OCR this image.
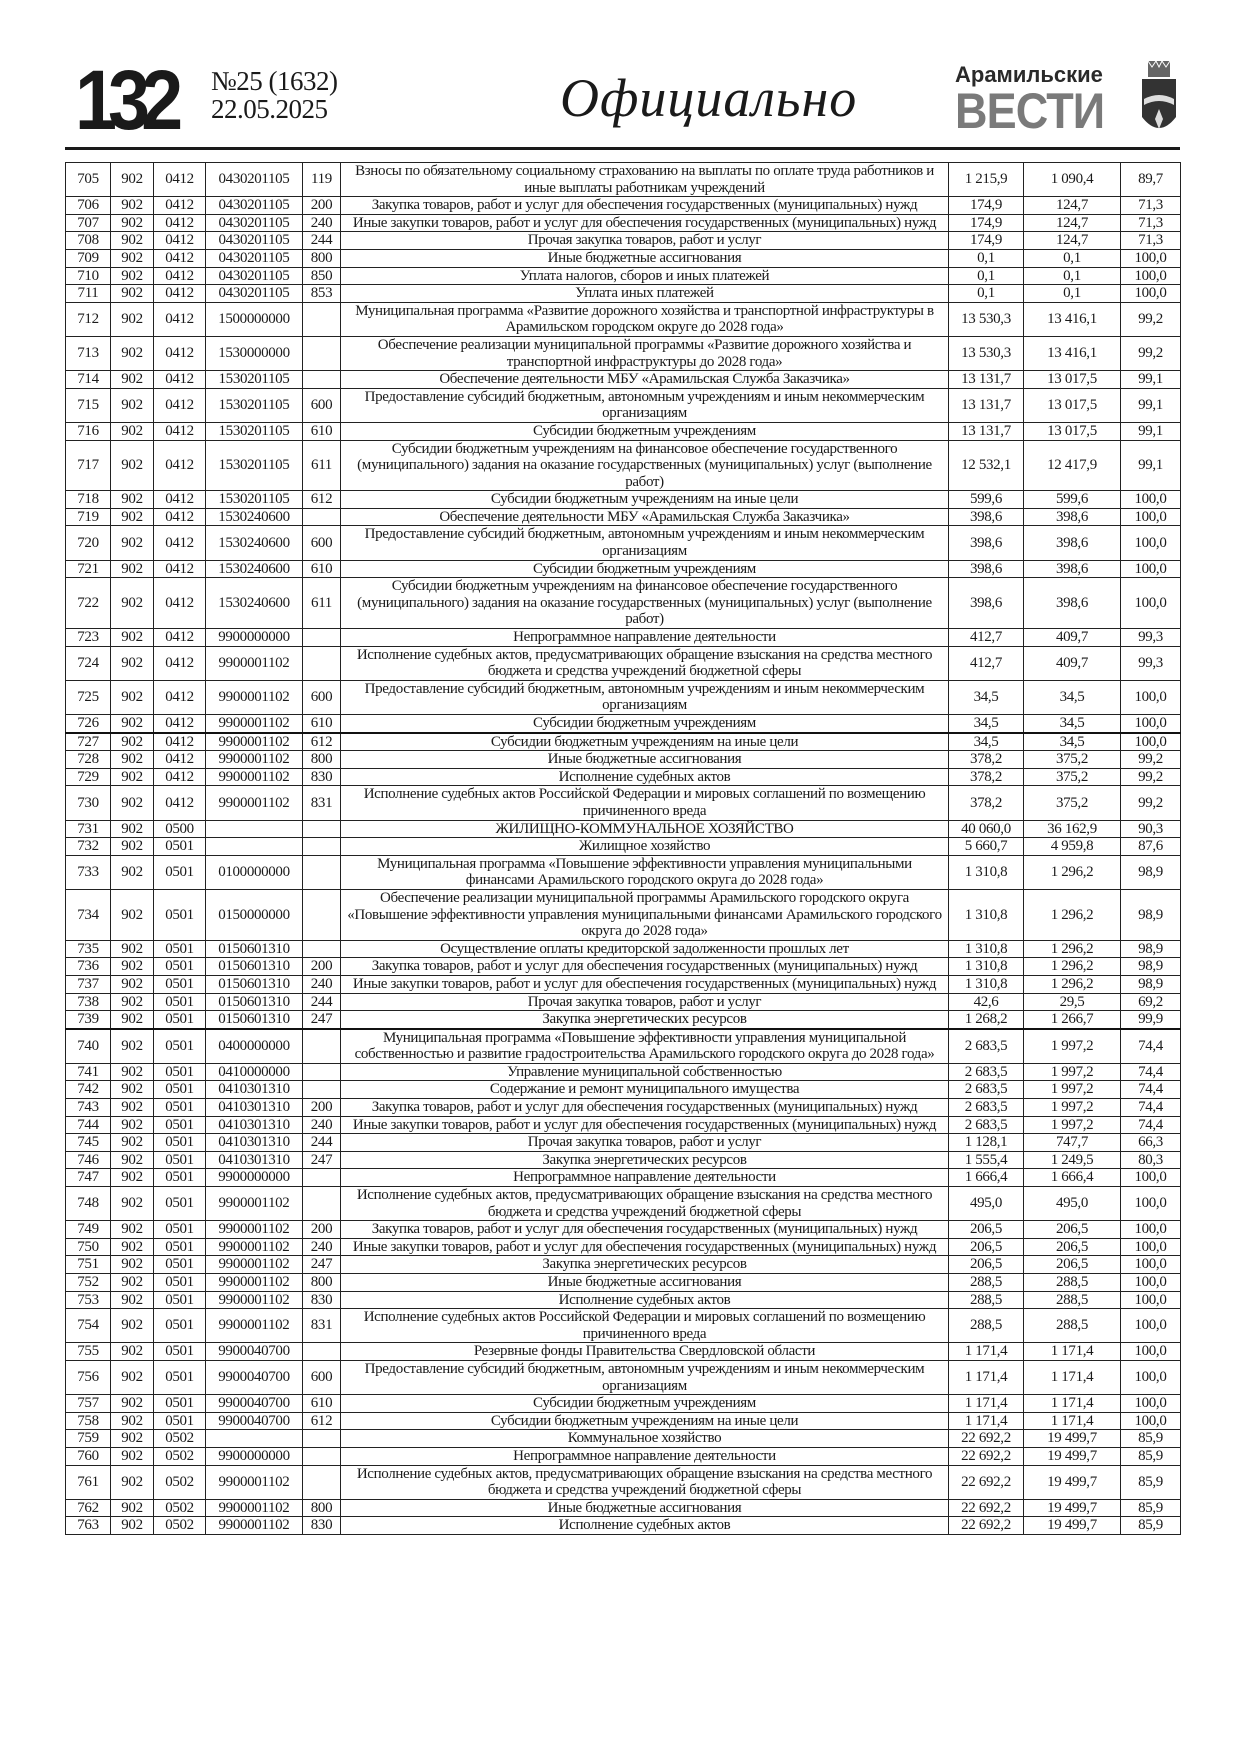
132 №25 (1632)
22.05.2025	Официально	Арамильские
ВЕСТИ
705	902	0412	0430201105	119	Взносы по обязательному социальному страхованию на выплаты по оплате труда работников и иные выплаты работникам учреждений	1 215,9	1 090,4	89,7
706	902	0412	0430201105	200	Закупка товаров, работ и услуг для обеспечения государственных (муниципальных) нужд	174,9	124,7	71,3
707	902	0412	0430201105	240	Иные закупки товаров, работ и услуг для обеспечения государственных (муниципальных) нужд	174,9	124,7	71,3
708	902	0412	0430201105	244	Прочая закупка товаров, работ и услуг	174,9	124,7	71,3
709	902	0412	0430201105	800	Иные бюджетные ассигнования	0,1	0,1	100,0
710	902	0412	0430201105	850	Уплата налогов, сборов и иных платежей	0,1	0,1	100,0
711	902	0412	0430201105	853	Уплата иных платежей	0,1	0,1	100,0
712	902	0412	1500000000		Муниципальная программа «Развитие дорожного хозяйства и транспортной инфраструктуры в Арамильском городском округе до 2028 года»	13 530,3	13 416,1	99,2
713	902	0412	1530000000		Обеспечение реализации муниципальной программы «Развитие дорожного хозяйства и транспортной инфраструктуры до 2028 года»	13 530,3	13 416,1	99,2
714	902	0412	1530201105		Обеспечение деятельности МБУ «Арамильская Служба Заказчика»	13 131,7	13 017,5	99,1
715	902	0412	1530201105	600	Предоставление субсидий бюджетным, автономным учреждениям и иным некоммерческим организациям	13 131,7	13 017,5	99,1
716	902	0412	1530201105	610	Субсидии бюджетным учреждениям	13 131,7	13 017,5	99,1
717	902	0412	1530201105	611	Субсидии бюджетным учреждениям на финансовое обеспечение государственного (муниципального) задания на оказание государственных (муниципальных) услуг (выполнение работ)	12 532,1	12 417,9	99,1
718	902	0412	1530201105	612	Субсидии бюджетным учреждениям на иные цели	599,6	599,6	100,0
719	902	0412	1530240600		Обеспечение деятельности МБУ «Арамильская Служба Заказчика»	398,6	398,6	100,0
720	902	0412	1530240600	600	Предоставление субсидий бюджетным, автономным учреждениям и иным некоммерческим организациям	398,6	398,6	100,0
721	902	0412	1530240600	610	Субсидии бюджетным учреждениям	398,6	398,6	100,0
722	902	0412	1530240600	611	Субсидии бюджетным учреждениям на финансовое обеспечение государственного (муниципального) задания на оказание государственных (муниципальных) услуг (выполнение работ)	398,6	398,6	100,0
723	902	0412	9900000000		Непрограммное направление деятельности	412,7	409,7	99,3
724	902	0412	9900001102		Исполнение судебных актов, предусматривающих обращение взыскания на средства местного бюджета и средства учреждений бюджетной сферы	412,7	409,7	99,3
725	902	0412	9900001102	600	Предоставление субсидий бюджетным, автономным учреждениям и иным некоммерческим организациям	34,5	34,5	100,0
726	902	0412	9900001102	610	Субсидии бюджетным учреждениям	34,5	34,5	100,0
727	902	0412	9900001102	612	Субсидии бюджетным учреждениям на иные цели	34,5	34,5	100,0
728	902	0412	9900001102	800	Иные бюджетные ассигнования	378,2	375,2	99,2
729	902	0412	9900001102	830	Исполнение судебных актов	378,2	375,2	99,2
730	902	0412	9900001102	831	Исполнение судебных актов Российской Федерации и мировых соглашений по возмещению причиненного вреда	378,2	375,2	99,2
731	902	0500			ЖИЛИЩНО-КОММУНАЛЬНОЕ ХОЗЯЙСТВО	40 060,0	36 162,9	90,3
732	902	0501			Жилищное хозяйство	5 660,7	4 959,8	87,6
733	902	0501	0100000000		Муниципальная программа «Повышение эффективности управления муниципальными финансами Арамильского городского округа до 2028 года»	1 310,8	1 296,2	98,9
734	902	0501	0150000000		Обеспечение реализации муниципальной программы Арамильского городского округа «Повышение эффективности управления муниципальными финансами Арамильского городского округа до 2028 года»	1 310,8	1 296,2	98,9
735	902	0501	0150601310		Осуществление оплаты кредиторской задолженности прошлых лет	1 310,8	1 296,2	98,9
736	902	0501	0150601310	200	Закупка товаров, работ и услуг для обеспечения государственных (муниципальных) нужд	1 310,8	1 296,2	98,9
737	902	0501	0150601310	240	Иные закупки товаров, работ и услуг для обеспечения государственных (муниципальных) нужд	1 310,8	1 296,2	98,9
738	902	0501	0150601310	244	Прочая закупка товаров, работ и услуг	42,6	29,5	69,2
739	902	0501	0150601310	247	Закупка энергетических ресурсов	1 268,2	1 266,7	99,9
740	902	0501	0400000000		Муниципальная программа «Повышение эффективности управления муниципальной собственностью и развитие градостроительства Арамильского городского округа до 2028 года»	2 683,5	1 997,2	74,4
741	902	0501	0410000000		Управление муниципальной собственностью	2 683,5	1 997,2	74,4
742	902	0501	0410301310		Содержание и ремонт муниципального имущества	2 683,5	1 997,2	74,4
743	902	0501	0410301310	200	Закупка товаров, работ и услуг для обеспечения государственных (муниципальных) нужд	2 683,5	1 997,2	74,4
744	902	0501	0410301310	240	Иные закупки товаров, работ и услуг для обеспечения государственных (муниципальных) нужд	2 683,5	1 997,2	74,4
745	902	0501	0410301310	244	Прочая закупка товаров, работ и услуг	1 128,1	747,7	66,3
746	902	0501	0410301310	247	Закупка энергетических ресурсов	1 555,4	1 249,5	80,3
747	902	0501	9900000000		Непрограммное направление деятельности	1 666,4	1 666,4	100,0
748	902	0501	9900001102		Исполнение судебных актов, предусматривающих обращение взыскания на средства местного бюджета и средства учреждений бюджетной сферы	495,0	495,0	100,0
749	902	0501	9900001102	200	Закупка товаров, работ и услуг для обеспечения государственных (муниципальных) нужд	206,5	206,5	100,0
750	902	0501	9900001102	240	Иные закупки товаров, работ и услуг для обеспечения государственных (муниципальных) нужд	206,5	206,5	100,0
751	902	0501	9900001102	247	Закупка энергетических ресурсов	206,5	206,5	100,0
752	902	0501	9900001102	800	Иные бюджетные ассигнования	288,5	288,5	100,0
753	902	0501	9900001102	830	Исполнение судебных актов	288,5	288,5	100,0
754	902	0501	9900001102	831	Исполнение судебных актов Российской Федерации и мировых соглашений по возмещению причиненного вреда	288,5	288,5	100,0
755	902	0501	9900040700		Резервные фонды Правительства Свердловской области	1 171,4	1 171,4	100,0
756	902	0501	9900040700	600	Предоставление субсидий бюджетным, автономным учреждениям и иным некоммерческим организациям	1 171,4	1 171,4	100,0
757	902	0501	9900040700	610	Субсидии бюджетным учреждениям	1 171,4	1 171,4	100,0
758	902	0501	9900040700	612	Субсидии бюджетным учреждениям на иные цели	1 171,4	1 171,4	100,0
759	902	0502			Коммунальное хозяйство	22 692,2	19 499,7	85,9
760	902	0502	9900000000		Непрограммное направление деятельности	22 692,2	19 499,7	85,9
761	902	0502	9900001102		Исполнение судебных актов, предусматривающих обращение взыскания на средства местного бюджета и средства учреждений бюджетной сферы	22 692,2	19 499,7	85,9
762	902	0502	9900001102	800	Иные бюджетные ассигнования	22 692,2	19 499,7	85,9
763	902	0502	9900001102	830	Исполнение судебных актов	22 692,2	19 499,7	85,9
